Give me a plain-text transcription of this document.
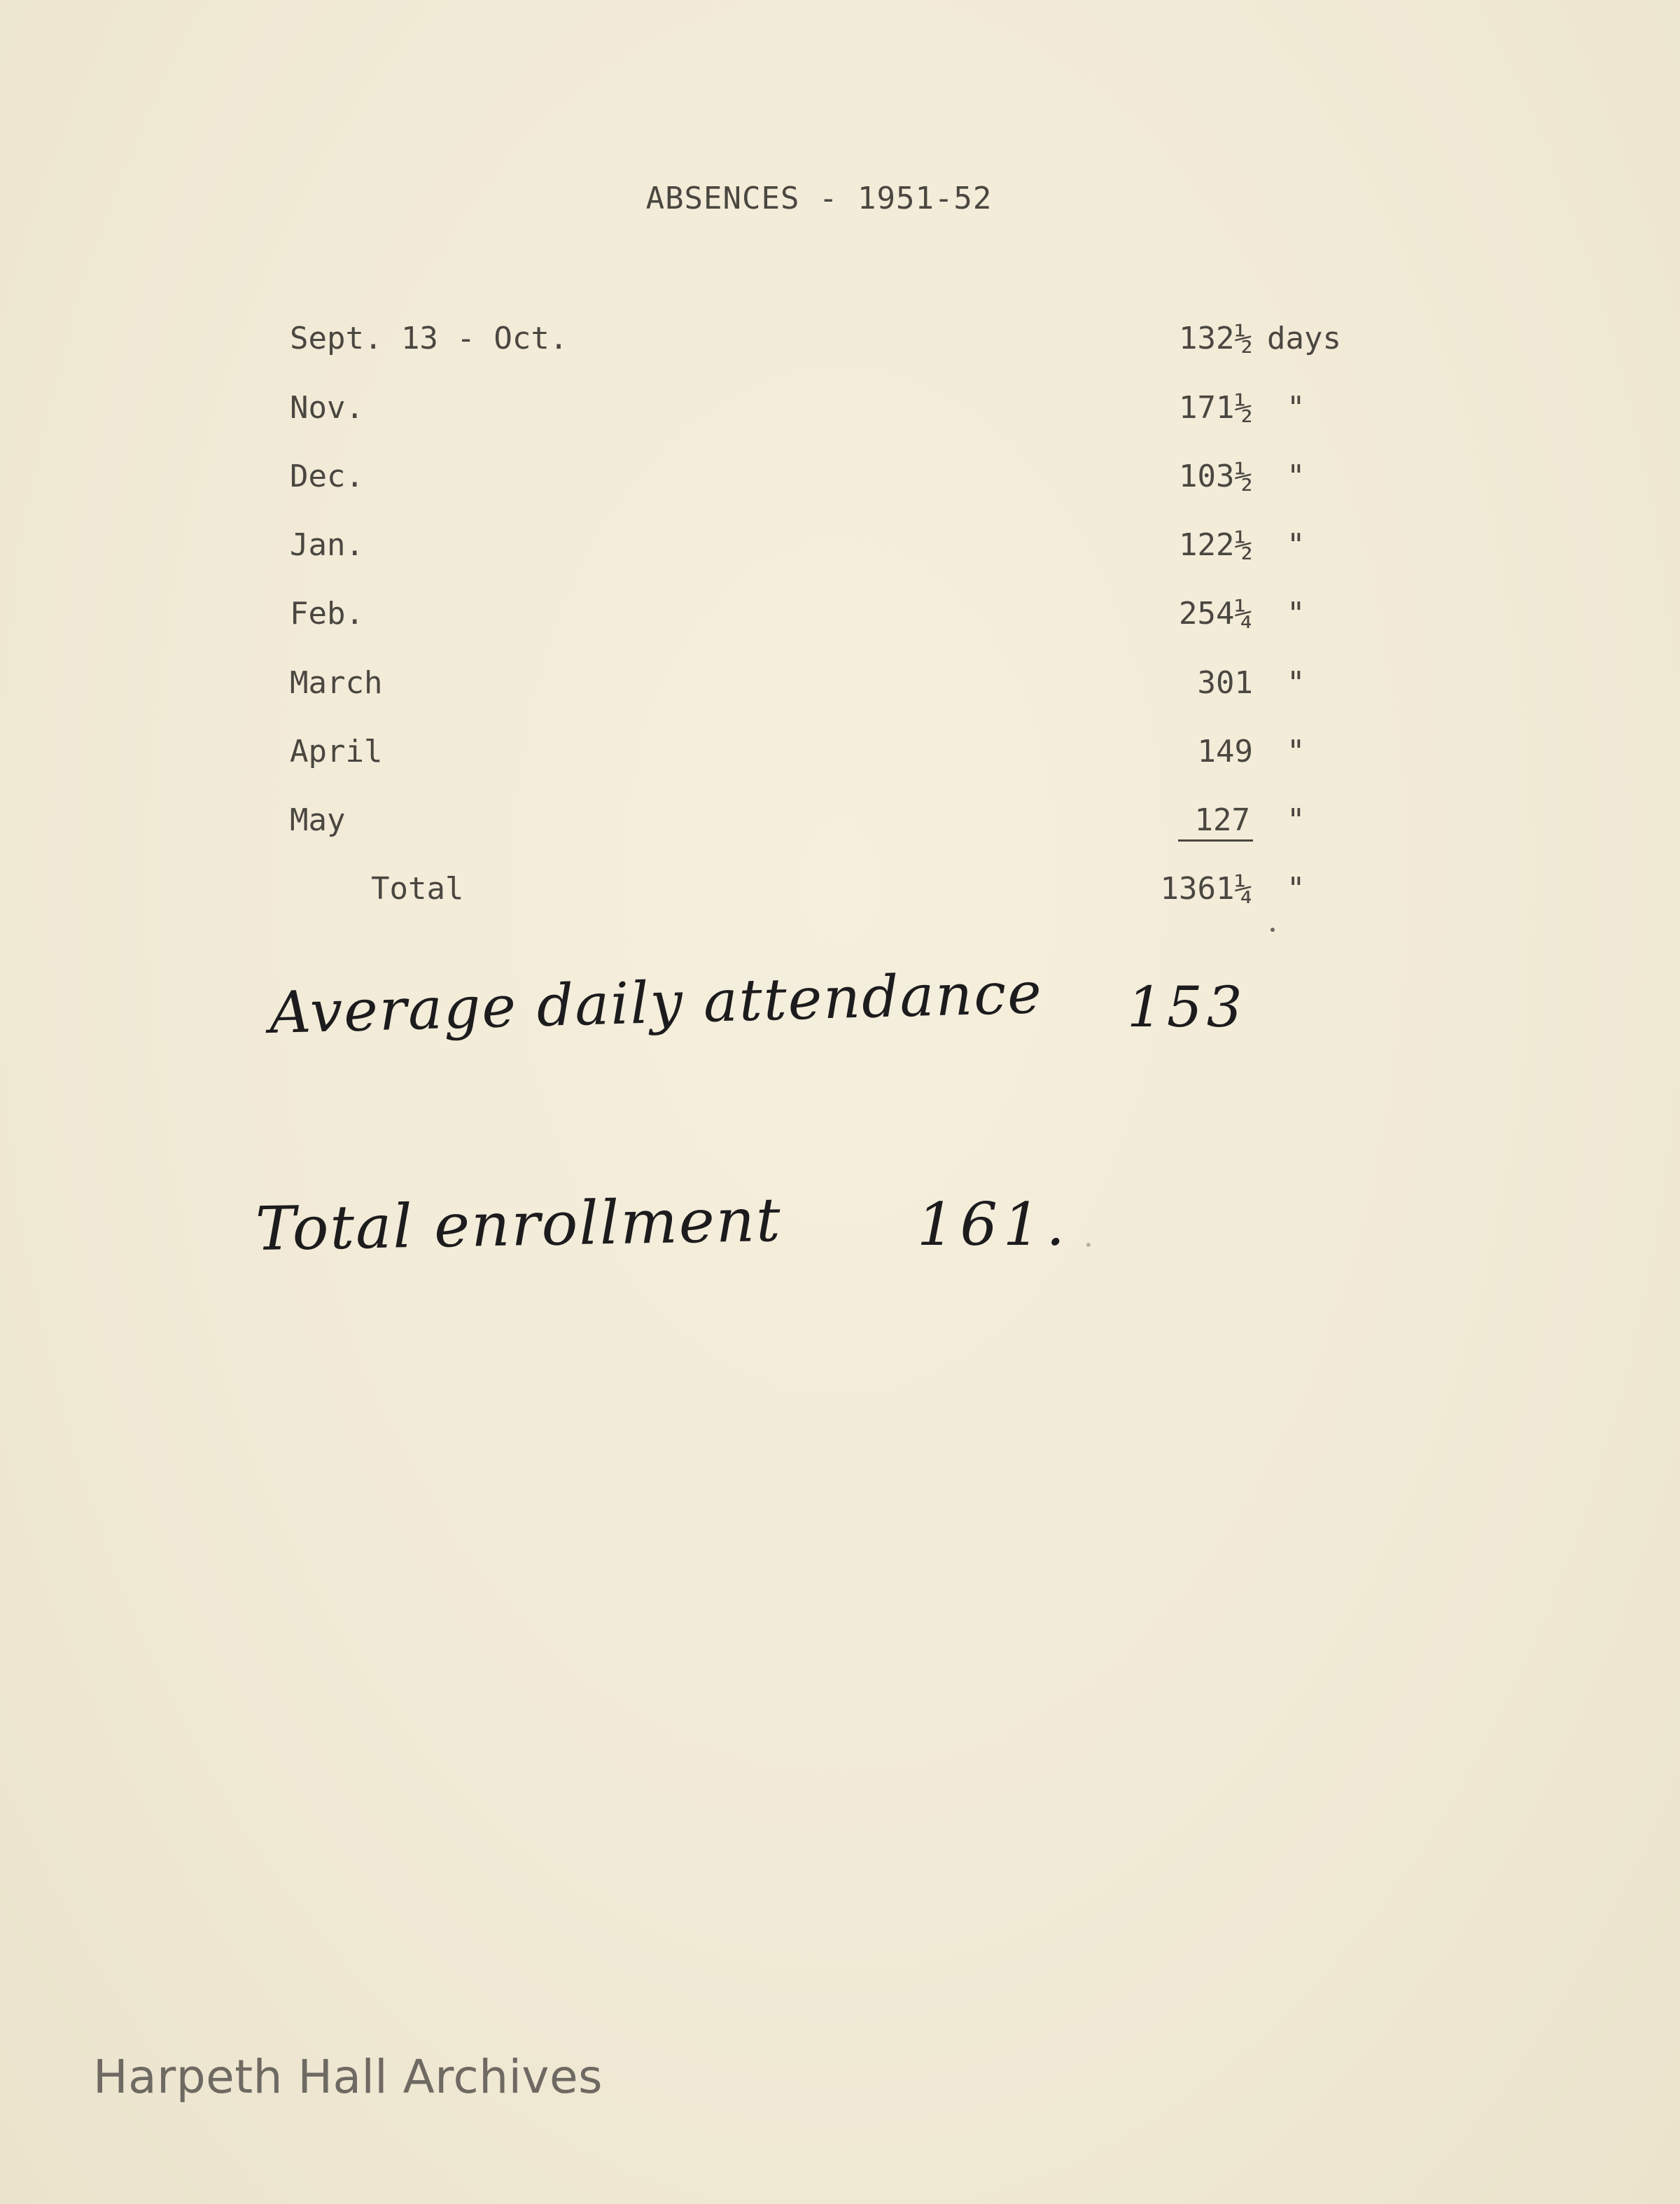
ABSENCES - 1951-52
Sept. 13 - Oct.	132½ days
Nov.	171½ "
Dec.	103½ "
Jan.	122½ "
Feb.	254¼ "
March	301 "
April	149 "
May	127 "
Total	1361¼ "
Average daily attendance 153
Total enrollment 161.
Harpeth Hall Archives
